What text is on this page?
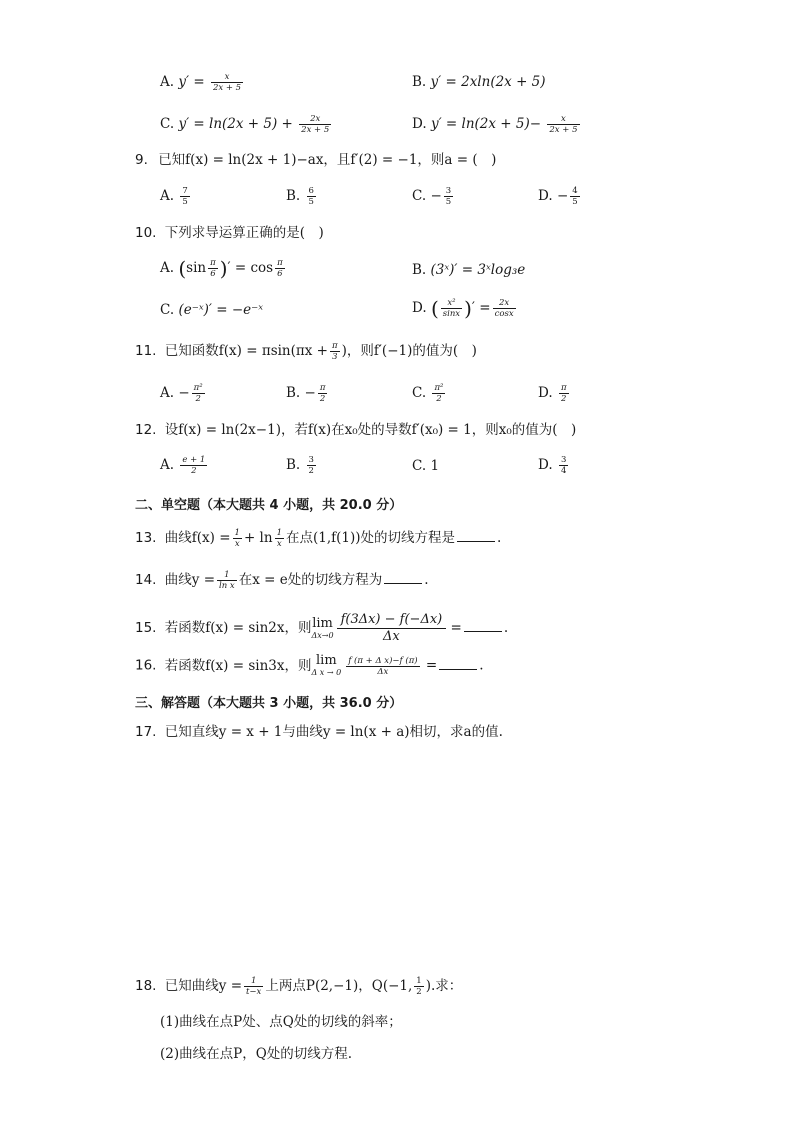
A. $y' = \frac{x}{2x + 5}$	B. y′ = 2xln(2x + 5)
C. $y' = \ln(2x + 5) + \frac{2x}{2x + 5}$	D. $y' = \ln(2x + 5)- \frac{x}{2x + 5}$
9. 已知f(x) = ln(2x + 1)−ax，且f′(2) = −1，则a = (　)
A. $\frac{7}{5}$	B. $\frac{6}{5}$	C. − $\frac{3}{5}$	D. − $\frac{4}{5}$
10. 下列求导运算正确的是(　)
A. ($\sin \frac{\pi}{6}$ )′ = $\cos \frac{\pi}{6}$	B. (3ˣ)′ = 3ˣlog₃e
C. (e⁻ˣ)′ = −e⁻ˣ	D. ( $\frac{\text{x²}}{\sin x}$ )′ = $\frac{2x}{\cos x}$
11. 已知函数$f(x) = \pi\sin(\pi x + \frac{\pi}{3}$ )，则f′(−1)的值为(　)
A. − $\frac{\text{π²}}{2}$	B. − $\frac{\pi}{2}$	C. $\frac{\text{π²}}{2}$	D. $\frac{\pi}{2}$
12. 设f(x) = ln(2x−1)，若f(x)在x₀处的导数f′(x₀) = 1，则x₀的值为(　)
A. $\frac{e + 1}{2}$	B. $\frac{3}{2}$	C. 1	D. $\frac{3}{4}$
二、单空题（本大题共 4 小题，共 20.0 分）
13. 曲线$f(x) = \frac{1}{x} + \ln \frac{1}{x}$ 在点(1,f(1))处的切线方程是	.
14. 曲线$y = \frac{1}{\text{ln x}}$ 在x = e处的切线方程为	.
15. 若函数f(x) = sin2x，则 lim
$\Delta x\to 0 \frac{f(3\Delta x) - f(-\Delta x)}{\Delta x}$ =	.
16. 若函数f(x) = sin3x，则 lim
Δ $x \to 0 \frac{\text{f (π + Δ x)−f (π)}}{\Delta x}$ =	.
三、解答题（本大题共 3 小题，共 36.0 分）
17. 已知直线y = x + 1与曲线y = ln(x + a)相切，求a的值.
18. 已知曲线$y = \frac{1}{t-x}$ 上两点P(2,−1)，Q(−1, $\frac{1}{2}$ ).求：
(1)曲线在点P处、点Q处的切线的斜率；
(2)曲线在点P，Q处的切线方程.
